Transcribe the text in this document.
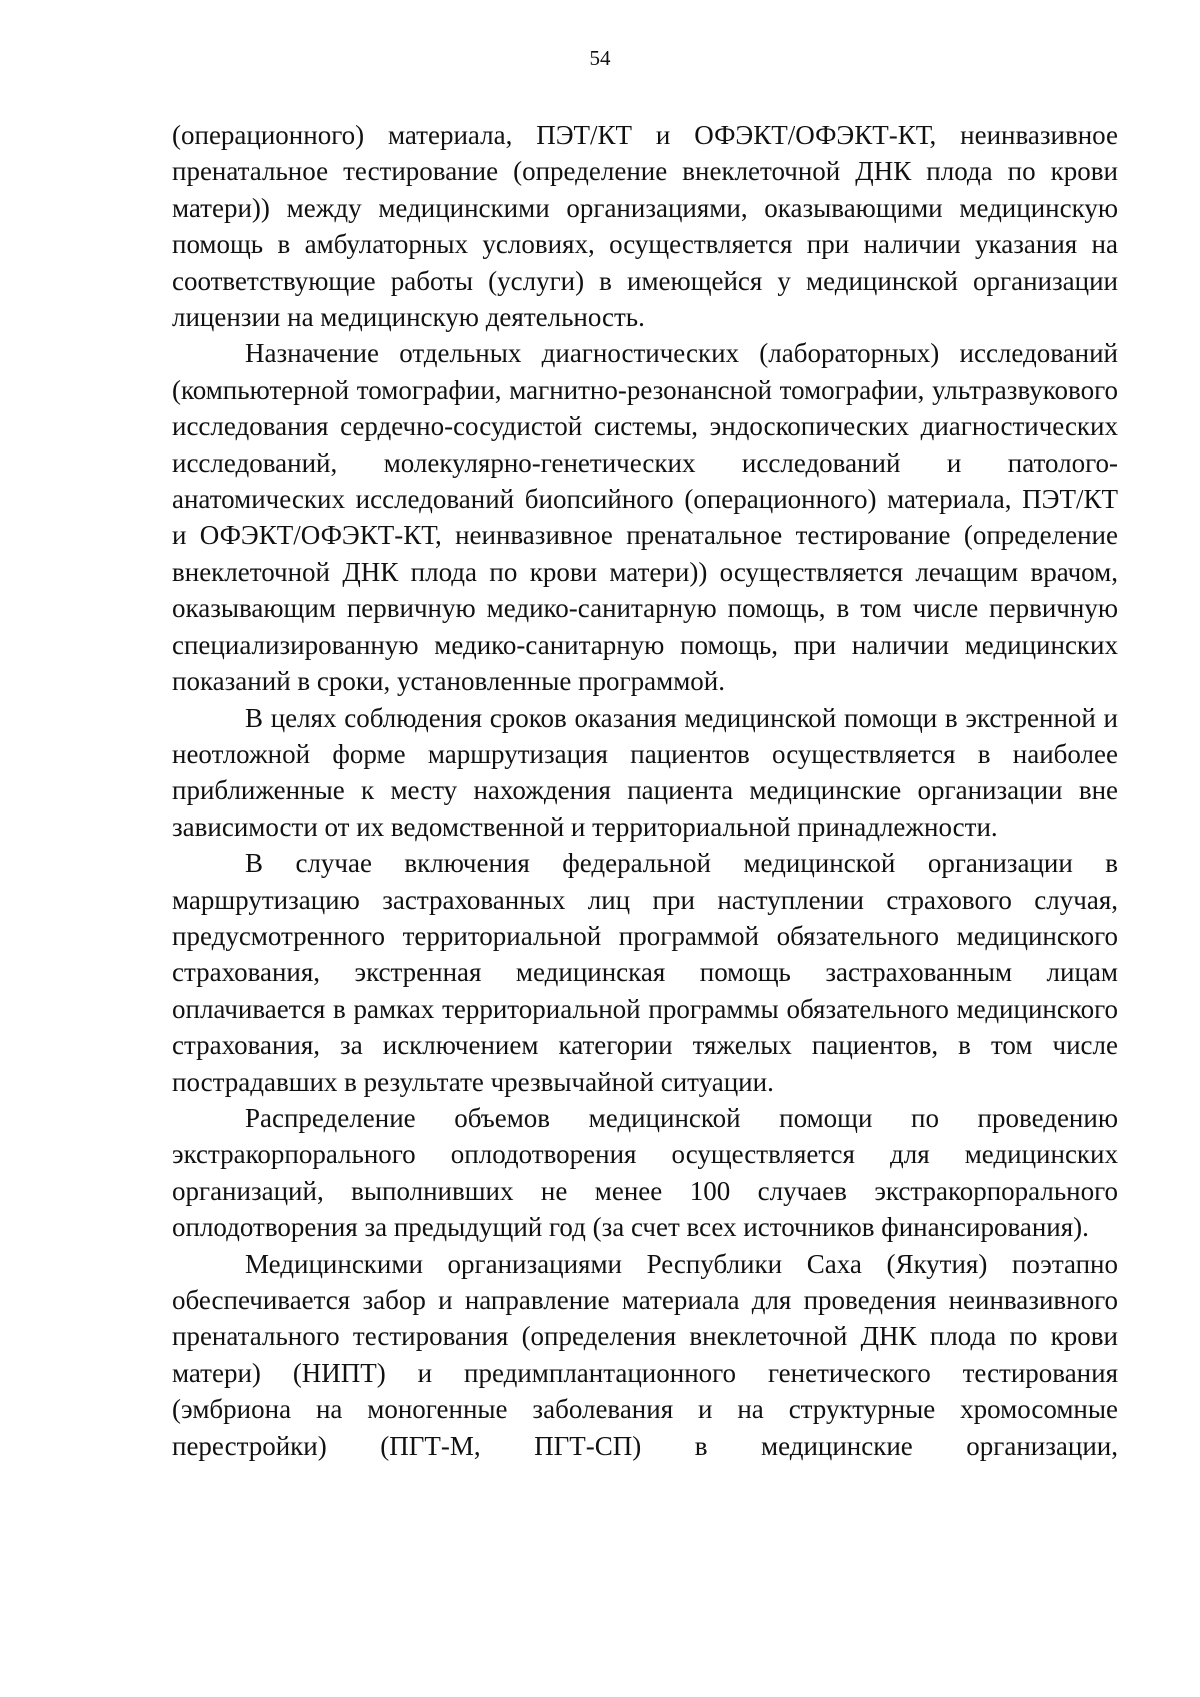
54

(операционного) материала, ПЭТ/КТ и ОФЭКТ/ОФЭКТ-КТ, неинвазивное пренатальное тестирование (определение внеклеточной ДНК плода по крови матери)) между медицинскими организациями, оказывающими медицинскую помощь в амбулаторных условиях, осуществляется при наличии указания на соответствующие работы (услуги) в имеющейся у медицинской организации лицензии на медицинскую деятельность.

Назначение отдельных диагностических (лабораторных) исследований (компьютерной томографии, магнитно-резонансной томографии, ультразвукового исследования сердечно-сосудистой системы, эндоскопических диагностических исследований, молекулярно-генетических исследований и патолого-анатомических исследований биопсийного (операционного) материала, ПЭТ/КТ и ОФЭКТ/ОФЭКТ-КТ, неинвазивное пренатальное тестирование (определение внеклеточной ДНК плода по крови матери)) осуществляется лечащим врачом, оказывающим первичную медико-санитарную помощь, в том числе первичную специализированную медико-санитарную помощь, при наличии медицинских показаний в сроки, установленные программой.

В целях соблюдения сроков оказания медицинской помощи в экстренной и неотложной форме маршрутизация пациентов осуществляется в наиболее приближенные к месту нахождения пациента медицинские организации вне зависимости от их ведомственной и территориальной принадлежности.

В случае включения федеральной медицинской организации в маршрутизацию застрахованных лиц при наступлении страхового случая, предусмотренного территориальной программой обязательного медицинского страхования, экстренная медицинская помощь застрахованным лицам оплачивается в рамках территориальной программы обязательного медицинского страхования, за исключением категории тяжелых пациентов, в том числе пострадавших в результате чрезвычайной ситуации.

Распределение объемов медицинской помощи по проведению экстракорпорального оплодотворения осуществляется для медицинских организаций, выполнивших не менее 100 случаев экстракорпорального оплодотворения за предыдущий год (за счет всех источников финансирования).

Медицинскими организациями Республики Саха (Якутия) поэтапно обеспечивается забор и направление материала для проведения неинвазивного пренатального тестирования (определения внеклеточной ДНК плода по крови матери) (НИПТ) и предимплантационного генетического тестирования (эмбриона на моногенные заболевания и на структурные хромосомные перестройки) (ПГТ-М, ПГТ-СП) в медицинские организации,
